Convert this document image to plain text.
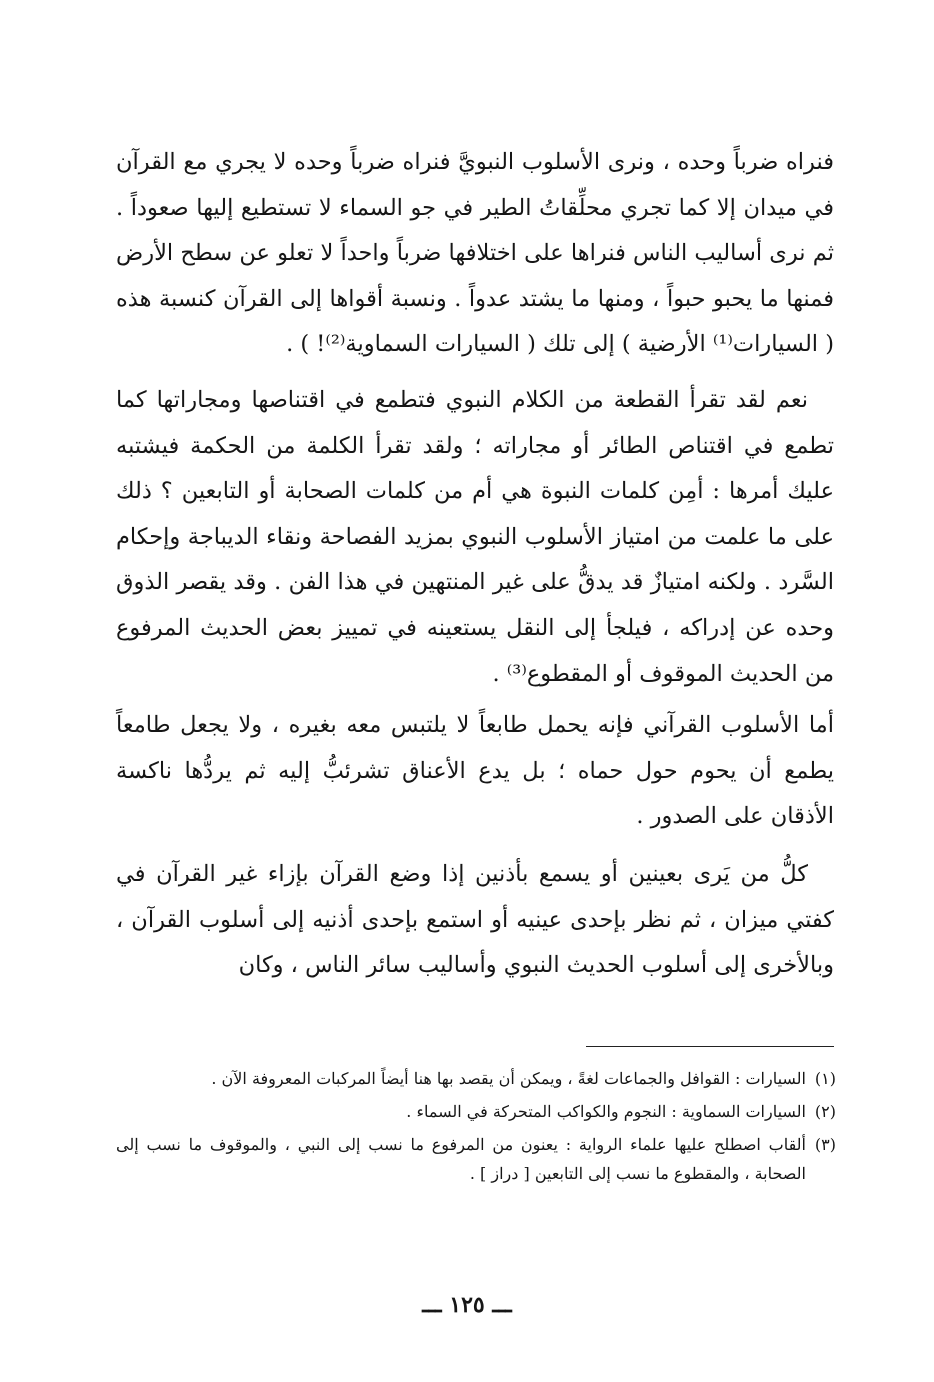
فنراه ضرباً وحده ، ونرى الأسلوب النبويَّ فنراه ضرباً وحده لا يجري مع القرآن في ميدان إلا كما تجري محلِّقاتُ الطير في جو السماء لا تستطيع إليها صعوداً . ثم نرى أساليب الناس فنراها على اختلافها ضرباً واحداً لا تعلو عن سطح الأرض فمنها ما يحبو حبواً ، ومنها ما يشتد عدواً . ونسبة أقواها إلى القرآن كنسبة هذه ( السيارات⁽¹⁾ الأرضية ) إلى تلك ( السيارات السماوية⁽²⁾! ) .

نعم لقد تقرأ القطعة من الكلام النبوي فتطمع في اقتناصها ومجاراتها كما تطمع في اقتناص الطائر أو مجاراته ؛ ولقد تقرأ الكلمة من الحكمة فيشتبه عليك أمرها : أمِن كلمات النبوة هي أم من كلمات الصحابة أو التابعين ؟ ذلك على ما علمت من امتياز الأسلوب النبوي بمزيد الفصاحة ونقاء الديباجة وإحكام السَّرد . ولكنه امتيازٌ قد يدقُّ على غير المنتهين في هذا الفن . وقد يقصر الذوق وحده عن إدراكه ، فيلجأ إلى النقل يستعينه في تمييز بعض الحديث المرفوع من الحديث الموقوف أو المقطوع⁽³⁾ .

أما الأسلوب القرآني فإنه يحمل طابعاً لا يلتبس معه بغيره ، ولا يجعل طامعاً يطمع أن يحوم حول حماه ؛ بل يدع الأعناق تشرئبُّ إليه ثم يردُّها ناكسة الأذقان على الصدور .

كلُّ من يَرى بعينين أو يسمع بأذنين إذا وضع القرآن بإزاء غير القرآن في كفتي ميزان ، ثم نظر بإحدى عينيه أو استمع بإحدى أذنيه إلى أسلوب القرآن ، وبالأخرى إلى أسلوب الحديث النبوي وأساليب سائر الناس ، وكان

(١)
السيارات : القوافل والجماعات لغةً ، ويمكن أن يقصد بها هنا أيضاً المركبات المعروفة الآن .
(٢)
السيارات السماوية : النجوم والكواكب المتحركة في السماء .
(٣)
ألقاب اصطلح عليها علماء الرواية : يعنون من المرفوع ما نسب إلى النبي ، والموقوف ما نسب إلى الصحابة ، والمقطوع ما نسب إلى التابعين [ دراز ] .
ـــ ١٢٥ ـــ
